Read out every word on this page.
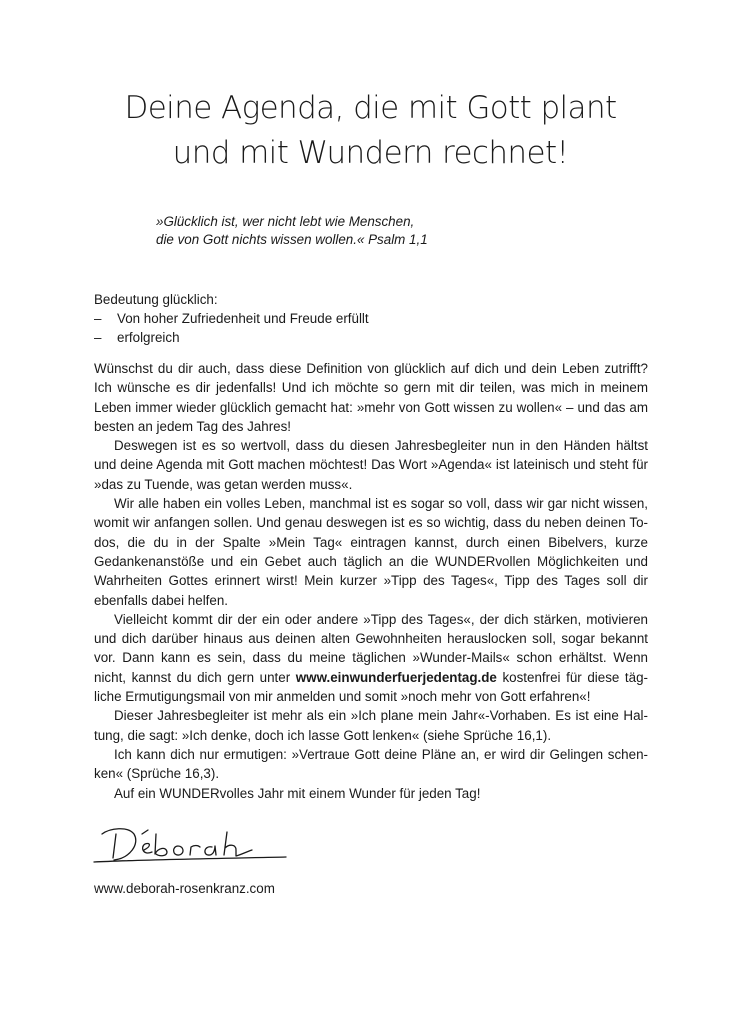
Deine Agenda, die mit Gott plant
und mit Wundern rechnet!
»Glücklich ist, wer nicht lebt wie Menschen,
die von Gott nichts wissen wollen.« Psalm 1,1
Bedeutung glücklich:
–	Von hoher Zufriedenheit und Freude erfüllt
–	erfolgreich

Wünschst du dir auch, dass diese Definition von glücklich auf dich und dein Leben zutrifft? Ich wünsche es dir jedenfalls! Und ich möchte so gern mit dir teilen, was mich in meinem Leben immer wieder glücklich gemacht hat: »mehr von Gott wissen zu wollen« – und das am besten an jedem Tag des Jahres!

Deswegen ist es so wertvoll, dass du diesen Jahresbegleiter nun in den Händen hältst und deine Agenda mit Gott machen möchtest! Das Wort »Agenda« ist lateinisch und steht für »das zu Tuende, was getan werden muss«.

Wir alle haben ein volles Leben, manchmal ist es sogar so voll, dass wir gar nicht wissen, womit wir anfangen sollen. Und genau deswegen ist es so wichtig, dass du neben deinen To-dos, die du in der Spalte »Mein Tag« eintragen kannst, durch einen Bibelvers, kurze Gedankenanstöße und ein Gebet auch täglich an die WUNDERvollen Möglichkeiten und Wahrheiten Gottes erinnert wirst! Mein kurzer »Tipp des Tages«, Tipp des Tages soll dir ebenfalls dabei helfen.

Vielleicht kommt dir der ein oder andere »Tipp des Tages«, der dich stärken, motivieren und dich darüber hinaus aus deinen alten Gewohnheiten herauslocken soll, sogar bekannt vor. Dann kann es sein, dass du meine täglichen »Wunder-Mails« schon erhältst. Wenn nicht, kannst du dich gern unter www.einwunderfuerjedentag.de kostenfrei für diese tägliche Ermutigungsmail von mir anmelden und somit »noch mehr von Gott erfahren«!

Dieser Jahresbegleiter ist mehr als ein »Ich plane mein Jahr«-Vorhaben. Es ist eine Haltung, die sagt: »Ich denke, doch ich lasse Gott lenken« (siehe Sprüche 16,1).

Ich kann dich nur ermutigen: »Vertraue Gott deine Pläne an, er wird dir Gelingen schenken« (Sprüche 16,3).

Auf ein WUNDERvolles Jahr mit einem Wunder für jeden Tag!

www.deborah-rosenkranz.com
